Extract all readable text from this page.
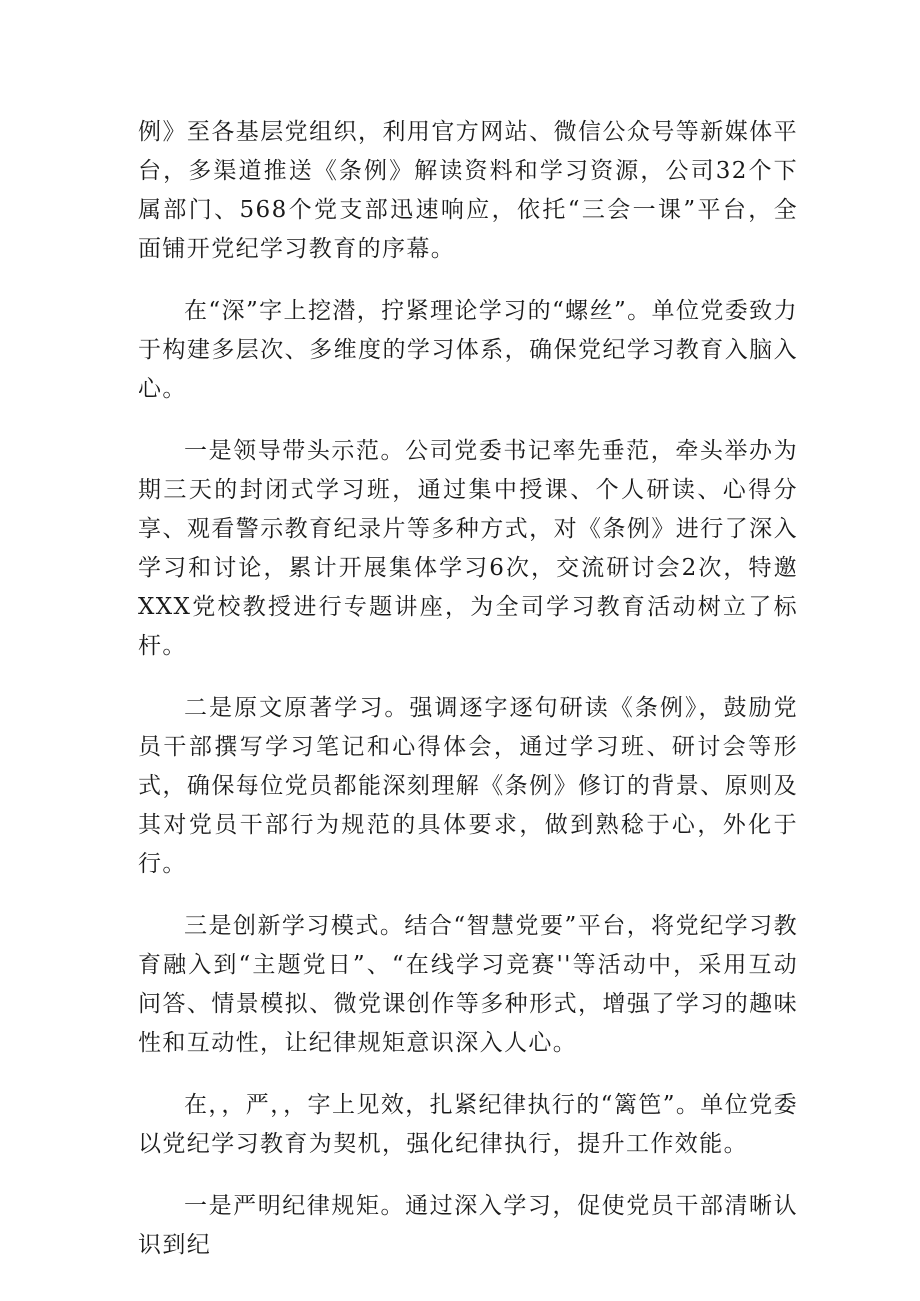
例》至各基层党组织，利用官方网站、微信公众号等新媒体平台，多渠道推送《条例》解读资料和学习资源，公司32个下属部门、568个党支部迅速响应，依托“三会一课”平台，全面铺开党纪学习教育的序幕。

在“深”字上挖潜，拧紧理论学习的“螺丝”。单位党委致力于构建多层次、多维度的学习体系，确保党纪学习教育入脑入心。

一是领导带头示范。公司党委书记率先垂范，牵头举办为期三天的封闭式学习班，通过集中授课、个人研读、心得分享、观看警示教育纪录片等多种方式，对《条例》进行了深入学习和讨论，累计开展集体学习6次，交流研讨会2次，特邀XXX党校教授进行专题讲座，为全司学习教育活动树立了标杆。

二是原文原著学习。强调逐字逐句研读《条例》，鼓励党员干部撰写学习笔记和心得体会，通过学习班、研讨会等形式，确保每位党员都能深刻理解《条例》修订的背景、原则及其对党员干部行为规范的具体要求，做到熟稔于心，外化于行。

三是创新学习模式。结合“智慧党要”平台，将党纪学习教育融入到“主题党日”、“在线学习竞赛''等活动中，采用互动问答、情景模拟、微党课创作等多种形式，增强了学习的趣味性和互动性，让纪律规矩意识深入人心。

在，，严，，字上见效，扎紧纪律执行的“篱笆”。单位党委以党纪学习教育为契机，强化纪律执行，提升工作效能。

一是严明纪律规矩。通过深入学习，促使党员干部清晰认识到纪
